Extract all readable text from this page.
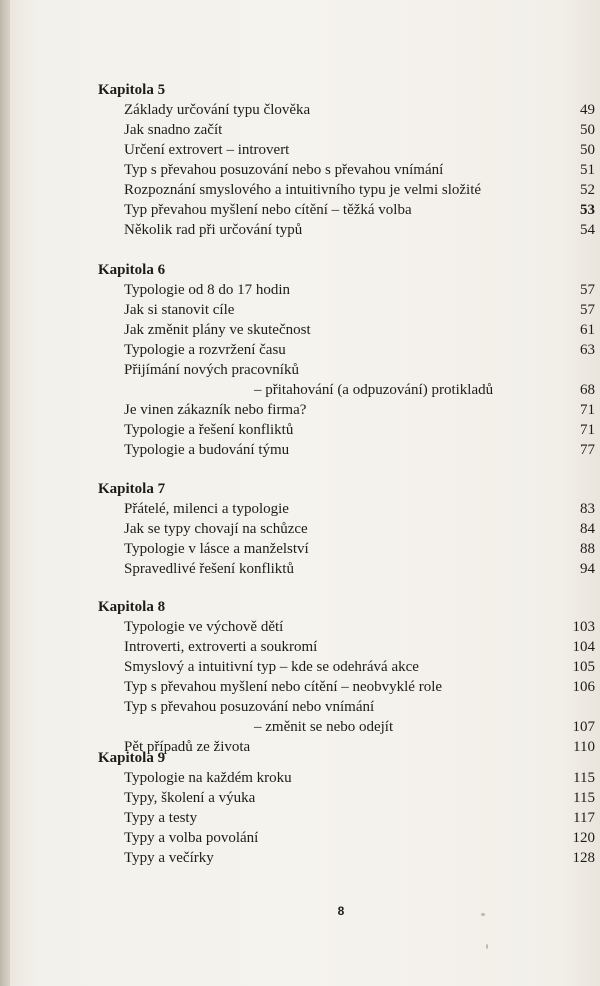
Kapitola 5
Základy určování typu člověka	49
Jak snadno začít	50
Určení extrovert – introvert	50
Typ s převahou posuzování nebo s převahou vnímání	51
Rozpoznání smyslového a intuitivního typu je velmi složité	52
Typ převahou myšlení nebo cítění – těžká volba	53
Několik rad při určování typů	54
Kapitola 6
Typologie od 8 do 17 hodin	57
Jak si stanovit cíle	57
Jak změnit plány ve skutečnost	61
Typologie a rozvržení času	63
Přijímání nových pracovníků
– přitahování (a odpuzování) protikladů	68
Je vinen zákazník nebo firma?	71
Typologie a řešení konfliktů	71
Typologie a budování týmu	77
Kapitola 7
Přátelé, milenci a typologie	83
Jak se typy chovají na schůzce	84
Typologie v lásce a manželství	88
Spravedlivé řešení konfliktů	94
Kapitola 8
Typologie ve výchově dětí	103
Introverti, extroverti a soukromí	104
Smyslový a intuitivní typ – kde se odehrává akce	105
Typ s převahou myšlení nebo cítění – neobvyklé role	106
Typ s převahou posuzování nebo vnímání
– změnit se nebo odejít	107
Pět případů ze života	110
Kapitola 9
Typologie na každém kroku	115
Typy, školení a výuka	115
Typy a testy	117
Typy a volba povolání	120
Typy a večírky	128
8
